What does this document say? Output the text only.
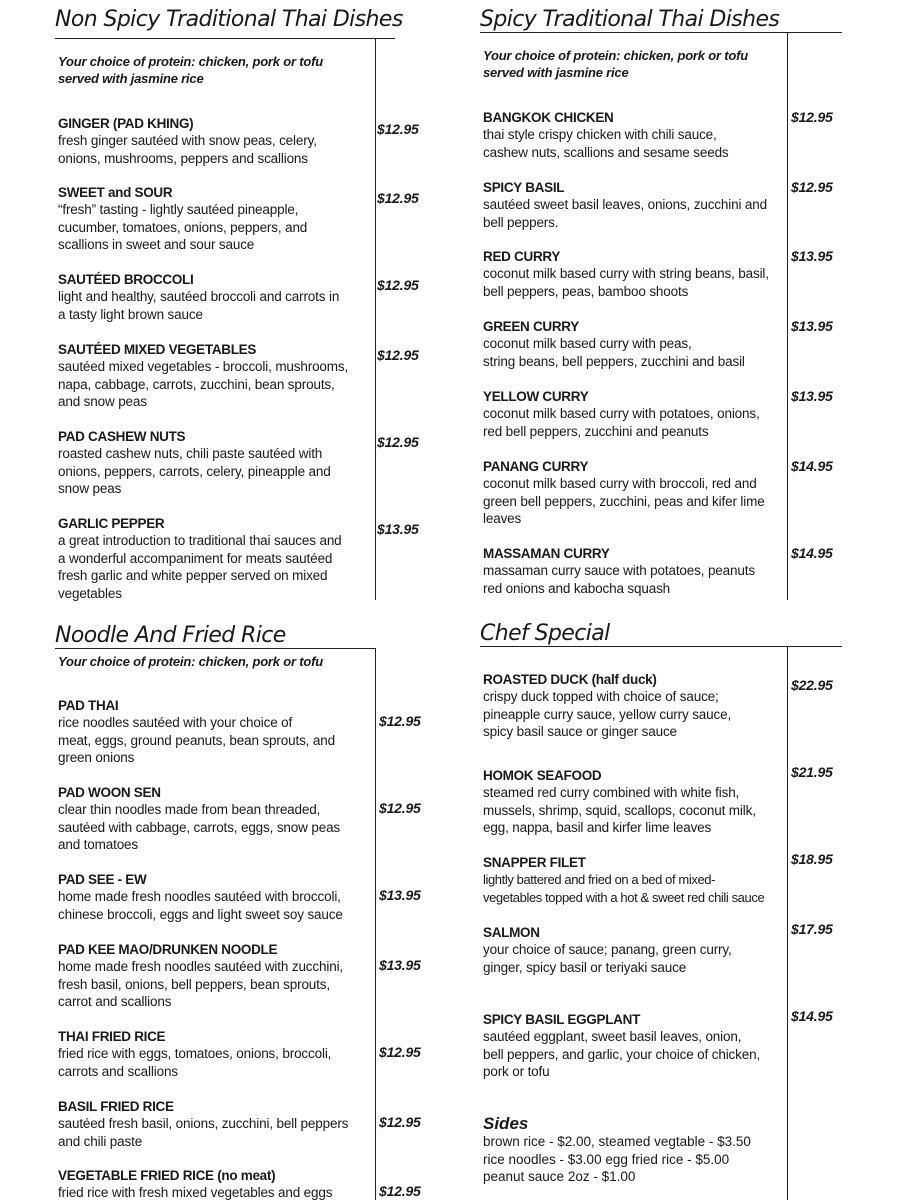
Non Spicy Traditional Thai Dishes
Your choice of protein: chicken, pork or tofu
served with jasmine rice
GINGER (PAD KHING)
fresh ginger sautéed with snow peas, celery,
onions, mushrooms, peppers and scallions
$12.95
SWEET and SOUR
“fresh” tasting - lightly sautéed pineapple,
cucumber, tomatoes, onions, peppers, and
scallions in sweet and sour sauce
$12.95
SAUTÉED BROCCOLI
light and healthy, sautéed broccoli and carrots in
a tasty light brown sauce
$12.95
SAUTÉED MIXED VEGETABLES
sautéed mixed vegetables - broccoli, mushrooms,
napa, cabbage, carrots, zucchini, bean sprouts,
and snow peas
$12.95
PAD CASHEW NUTS
roasted cashew nuts, chili paste sautéed with
onions, peppers, carrots, celery, pineapple and
snow peas
$12.95
GARLIC PEPPER
a great introduction to traditional thai sauces and
a wonderful accompaniment for meats sautéed
fresh garlic and white pepper served on mixed
vegetables
$13.95
Spicy Traditional Thai Dishes
Your choice of protein: chicken, pork or tofu
served with jasmine rice
BANGKOK CHICKEN
thai style crispy chicken with chili sauce,
cashew nuts, scallions and sesame seeds
$12.95
SPICY BASIL
sautéed sweet basil leaves, onions, zucchini and
bell peppers.
$12.95
RED CURRY
coconut milk based curry with string beans, basil,
bell peppers, peas, bamboo shoots
$13.95
GREEN CURRY
coconut milk based curry with peas,
string beans, bell peppers, zucchini and basil
$13.95
YELLOW CURRY
coconut milk based curry with potatoes, onions,
red bell peppers, zucchini and peanuts
$13.95
PANANG CURRY
coconut milk based curry with broccoli, red and
green bell peppers, zucchini, peas and kifer lime
leaves
$14.95
MASSAMAN CURRY
massaman curry sauce with potatoes, peanuts
red onions and kabocha squash
$14.95
Noodle And Fried Rice
Your choice of protein: chicken, pork or tofu
PAD THAI
rice noodles sautéed with your choice of
meat, eggs, ground peanuts, bean sprouts, and
green onions
$12.95
PAD WOON SEN
clear thin noodles made from bean threaded,
sautéed with cabbage, carrots, eggs, snow peas
and tomatoes
$12.95
PAD SEE - EW
home made fresh noodles sautéed with broccoli,
chinese broccoli, eggs and light sweet soy sauce
$13.95
PAD KEE MAO/DRUNKEN NOODLE
home made fresh noodles sautéed with zucchini,
fresh basil, onions, bell peppers, bean sprouts,
carrot and scallions
$13.95
THAI FRIED RICE
fried rice with eggs, tomatoes, onions, broccoli,
carrots and scallions
$12.95
BASIL FRIED RICE
sautéed fresh basil, onions, zucchini, bell peppers
and chili paste
$12.95
VEGETABLE FRIED RICE (no meat)
fried rice with fresh mixed vegetables and eggs	$12.95
Chef Special
ROASTED DUCK (half duck)
crispy duck topped with choice of sauce;
pineapple curry sauce, yellow curry sauce,
spicy basil sauce or ginger sauce
$22.95
HOMOK SEAFOOD
steamed red curry combined with white fish,
mussels, shrimp, squid, scallops, coconut milk,
egg, nappa, basil and kirfer lime leaves
$21.95
SNAPPER FILET
lightly battered and fried on a bed of mixed-
vegetables topped with a hot & sweet red chili sauce
$18.95
SALMON
your choice of sauce; panang, green curry,
ginger, spicy basil or teriyaki sauce
$17.95
SPICY BASIL EGGPLANT
sautéed eggplant, sweet basil leaves, onion,
bell peppers, and garlic, your choice of chicken,
pork or tofu
$14.95
Sides
brown rice - $2.00, steamed vegtable - $3.50
rice noodles - $3.00 egg fried rice - $5.00
peanut sauce 2oz - $1.00
